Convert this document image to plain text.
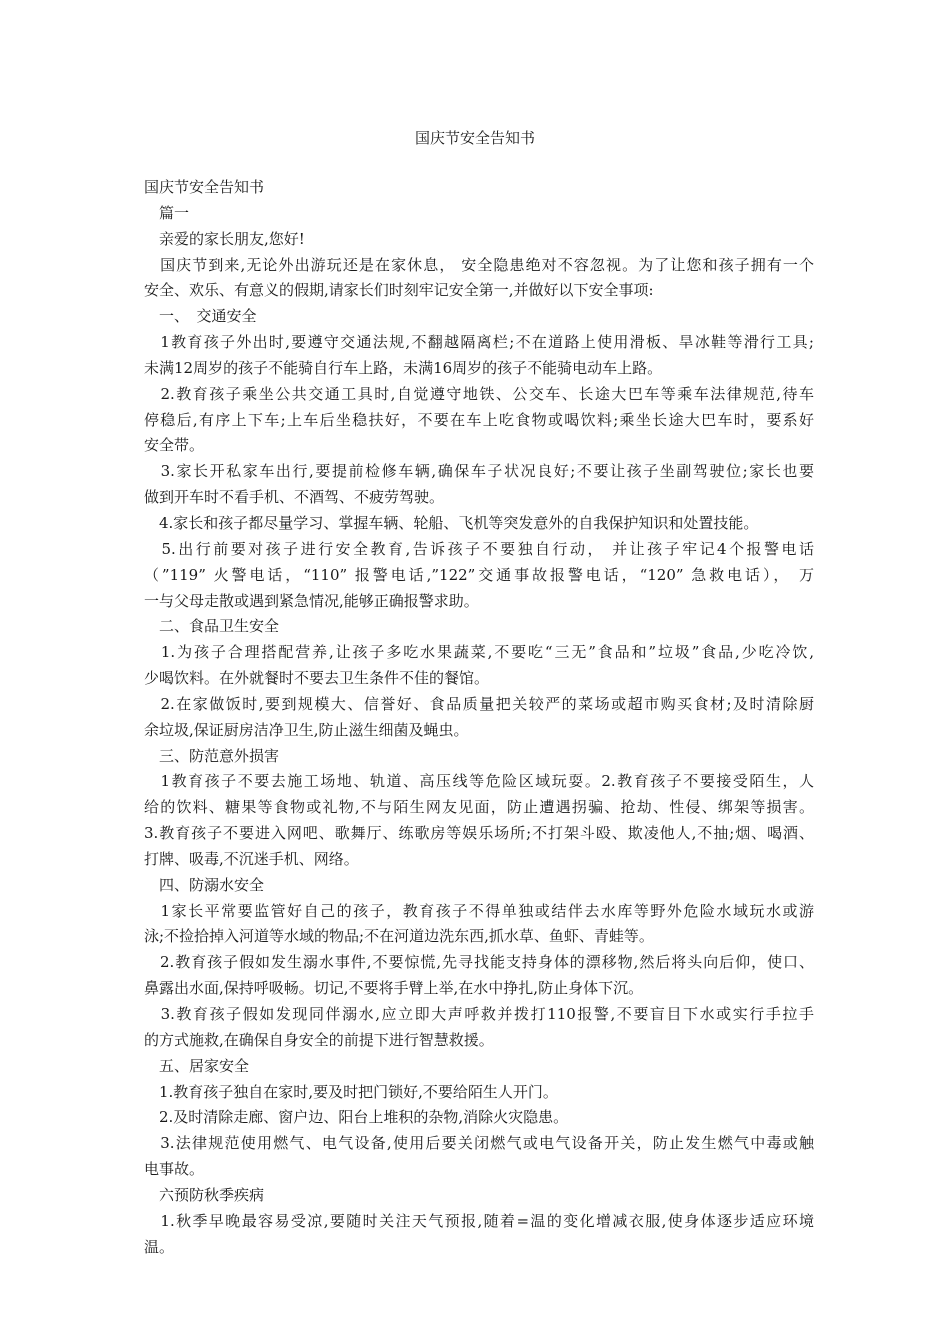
国庆节安全告知书
国庆节安全告知书
　篇一
　亲爱的家长朋友,您好!
　国庆节到来,无论外出游玩还是在家休息， 安全隐患绝对不容忽视。为了让您和孩子拥有一个
安全、欢乐、有意义的假期,请家长们时刻牢记安全第一,并做好以下安全事项:
　一、　交通安全
　1教育孩子外出时,要遵守交通法规,不翻越隔离栏;不在道路上使用滑板、旱冰鞋等滑行工具;
未满12周岁的孩子不能骑自行车上路，未满16周岁的孩子不能骑电动车上路。
　2.教育孩子乘坐公共交通工具时,自觉遵守地铁、公交车、长途大巴车等乘车法律规范,待车
停稳后,有序上下车;上车后坐稳扶好，不要在车上吃食物或喝饮料;乘坐长途大巴车时，要系好
安全带。
　3.家长开私家车出行,要提前检修车辆,确保车子状况良好;不要让孩子坐副驾驶位;家长也要
做到开车时不看手机、不酒驾、不疲劳驾驶。
　4.家长和孩子都尽量学习、掌握车辆、轮船、飞机等突发意外的自我保护知识和处置技能。
　5.出行前要对孩子进行安全教育,告诉孩子不要独自行动， 并让孩子牢记4个报警电话
（”119” 火警电话，“110” 报警电话,”122”交通事故报警电话，“120” 急救电话）， 万
一与父母走散或遇到紧急情况,能够正确报警求助。
　二、食品卫生安全
　1.为孩子合理搭配营养,让孩子多吃水果蔬菜,不要吃“三无”食品和”垃圾”食品,少吃冷饮,
少喝饮料。在外就餐时不要去卫生条件不佳的餐馆。
　2.在家做饭时,要到规模大、信誉好、食品质量把关较严的菜场或超市购买食材;及时清除厨
余垃圾,保证厨房洁净卫生,防止滋生细菌及蝇虫。
　三、防范意外损害
　1教育孩子不要去施工场地、轨道、高压线等危险区域玩耍。2.教育孩子不要接受陌生，人
给的饮料、糖果等食物或礼物,不与陌生网友见面，防止遭遇拐骗、抢劫、性侵、绑架等损害。
3.教育孩子不要进入网吧、歌舞厅、练歌房等娱乐场所;不打架斗殴、欺凌他人,不抽;烟、喝酒、
打牌、吸毒,不沉迷手机、网络。
　四、防溺水安全
　1家长平常要监管好自己的孩子，教育孩子不得单独或结伴去水库等野外危险水域玩水或游
泳;不捡拾掉入河道等水域的物品;不在河道边洗东西,抓水草、鱼虾、青蛙等。
　2.教育孩子假如发生溺水事件,不要惊慌,先寻找能支持身体的漂移物,然后将头向后仰，使口、
鼻露出水面,保持呼吸畅。切记,不要将手臂上举,在水中挣扎,防止身体下沉。
　3.教育孩子假如发现同伴溺水,应立即大声呼救并拨打110报警,不要盲目下水或实行手拉手
的方式施救,在确保自身安全的前提下进行智慧救援。
　五、居家安全
　1.教育孩子独自在家时,要及时把门锁好,不要给陌生人开门。
　2.及时清除走廊、窗户边、阳台上堆积的杂物,消除火灾隐患。
　3.法律规范使用燃气、电气设备,使用后要关闭燃气或电气设备开关，防止发生燃气中毒或触
电事故。
　六预防秋季疾病
　1.秋季早晚最容易受凉,要随时关注天气预报,随着=温的变化增减衣服,使身体逐步适应环境
温。
